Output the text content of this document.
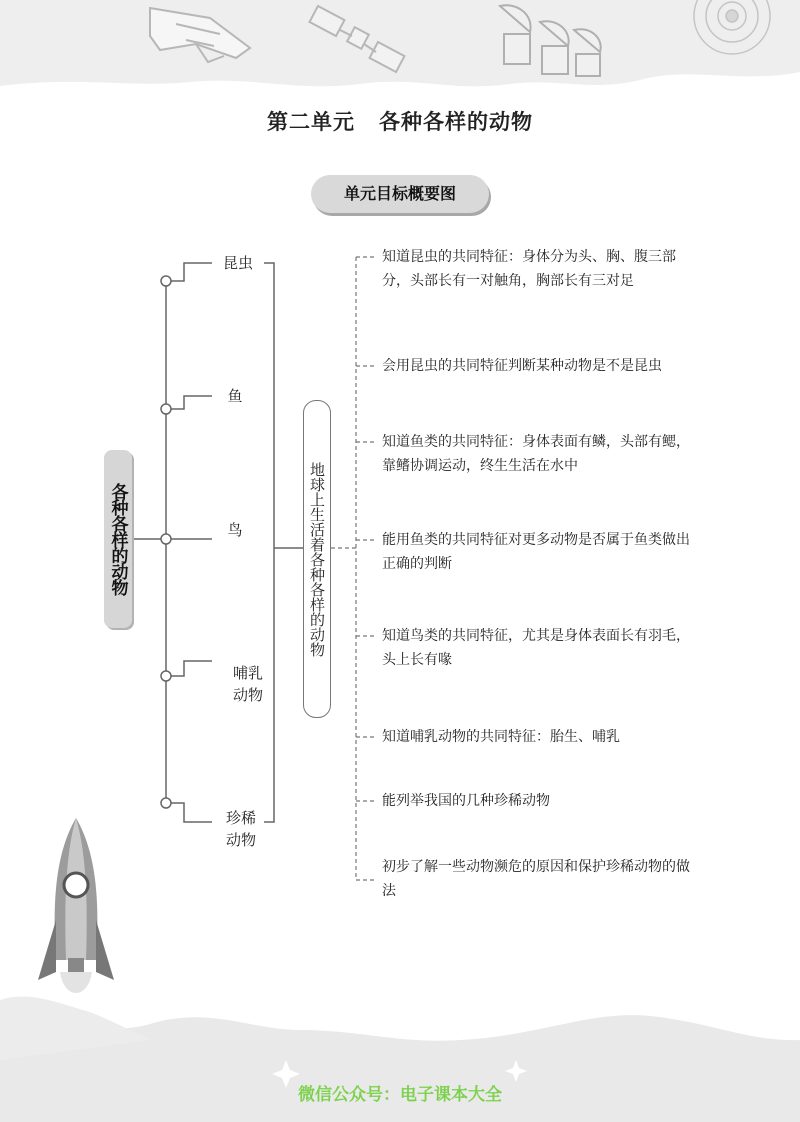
第二单元 各种各样的动物
单元目标概要图
各种各样的动物
昆虫
鱼
鸟
哺乳
动物
珍稀
动物
地球上生活着各种各样的动物
知道昆虫的共同特征：身体分为头、胸、腹三部分，头部长有一对触角，胸部长有三对足
会用昆虫的共同特征判断某种动物是不是昆虫
知道鱼类的共同特征：身体表面有鳞，头部有鳃，靠鳍协调运动，终生生活在水中
能用鱼类的共同特征对更多动物是否属于鱼类做出正确的判断
知道鸟类的共同特征，尤其是身体表面长有羽毛，头上长有喙
知道哺乳动物的共同特征：胎生、哺乳
能列举我国的几种珍稀动物
初步了解一些动物濒危的原因和保护珍稀动物的做法
微信公众号：电子课本大全
